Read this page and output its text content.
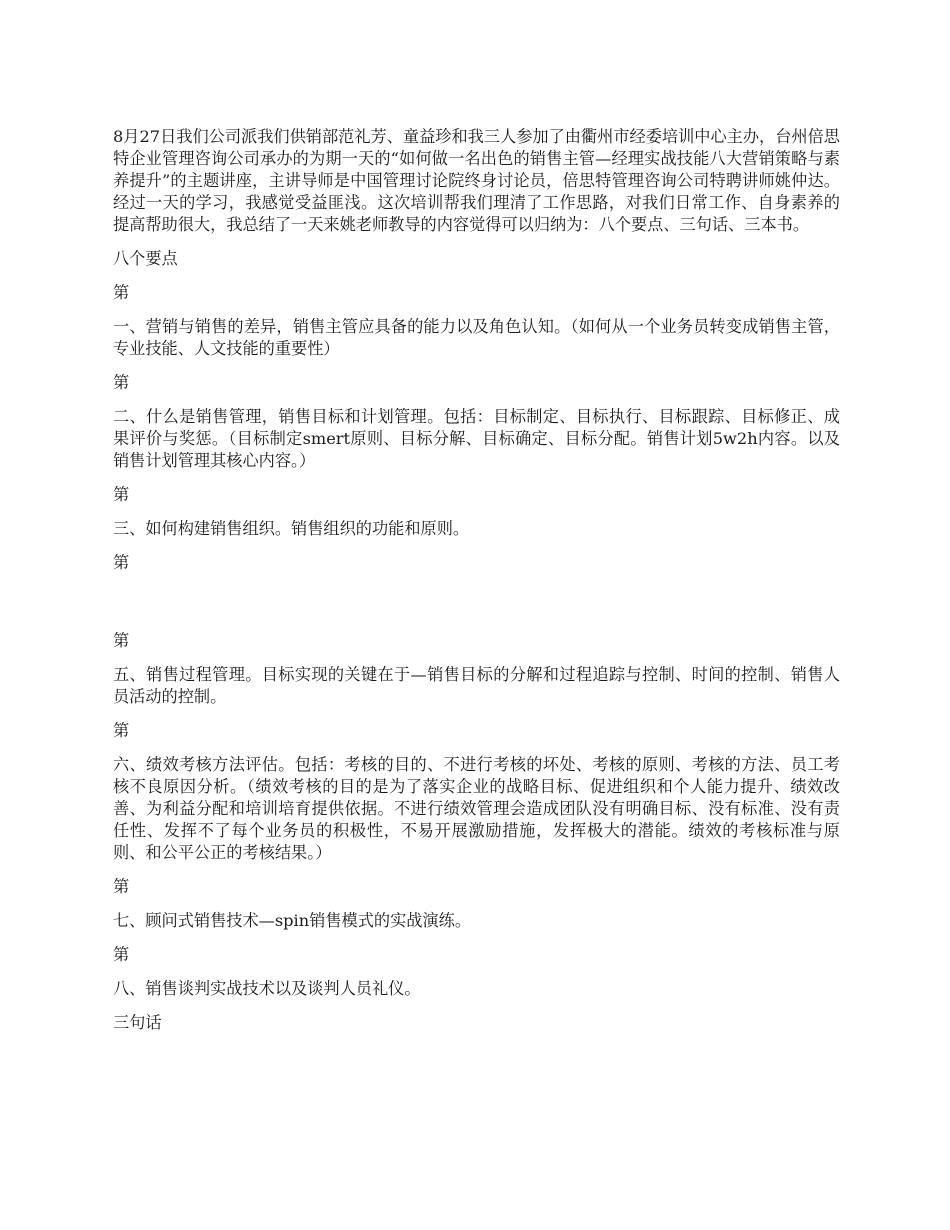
8月27日我们公司派我们供销部范礼芳、童益珍和我三人参加了由衢州市经委培训中心主办，台州倍思特企业管理咨询公司承办的为期一天的“如何做一名出色的销售主管—经理实战技能八大营销策略与素养提升”的主题讲座，主讲导师是中国管理讨论院终身讨论员，倍思特管理咨询公司特聘讲师姚仲达。经过一天的学习，我感觉受益匪浅。这次培训帮我们理清了工作思路，对我们日常工作、自身素养的提高帮助很大，我总结了一天来姚老师教导的内容觉得可以归纳为：八个要点、三句话、三本书。

八个要点

第

一、营销与销售的差异，销售主管应具备的能力以及角色认知。（如何从一个业务员转变成销售主管，专业技能、人文技能的重要性）

第

二、什么是销售管理，销售目标和计划管理。包括：目标制定、目标执行、目标跟踪、目标修正、成果评价与奖惩。（目标制定smert原则、目标分解、目标确定、目标分配。销售计划5w2h内容。以及销售计划管理其核心内容。）

第

三、如何构建销售组织。销售组织的功能和原则。

第

第

五、销售过程管理。目标实现的关键在于—销售目标的分解和过程追踪与控制、时间的控制、销售人员活动的控制。

第

六、绩效考核方法评估。包括：考核的目的、不进行考核的坏处、考核的原则、考核的方法、员工考核不良原因分析。（绩效考核的目的是为了落实企业的战略目标、促进组织和个人能力提升、绩效改善、为利益分配和培训培育提供依据。不进行绩效管理会造成团队没有明确目标、没有标准、没有责任性、发挥不了每个业务员的积极性，不易开展激励措施，发挥极大的潜能。绩效的考核标准与原则、和公平公正的考核结果。）

第

七、顾问式销售技术—spin销售模式的实战演练。

第

八、销售谈判实战技术以及谈判人员礼仪。

三句话
